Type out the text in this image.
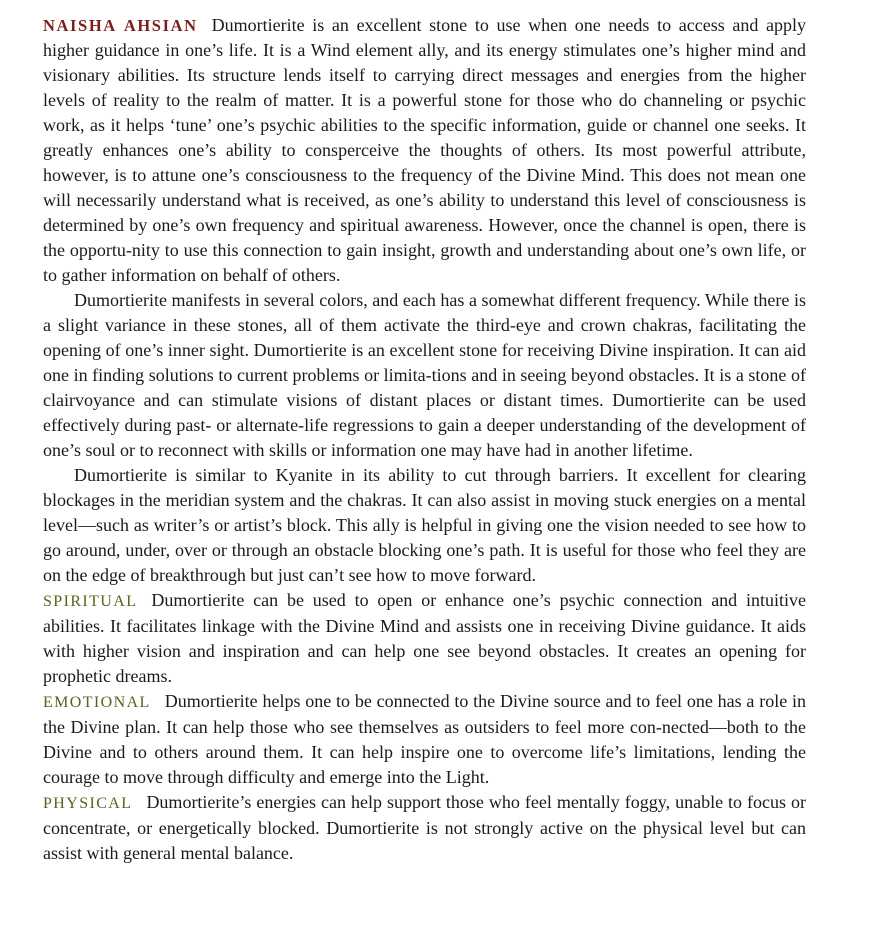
NAISHA AHSIAN Dumortierite is an excellent stone to use when one needs to access and apply higher guidance in one’s life. It is a Wind element ally, and its energy stimulates one’s higher mind and visionary abilities. Its structure lends itself to carrying direct messages and energies from the higher levels of reality to the realm of matter. It is a powerful stone for those who do channeling or psychic work, as it helps ‘tune’ one’s psychic abilities to the specific information, guide or channel one seeks. It greatly enhances one’s ability to consperceive the thoughts of others. Its most powerful attribute, however, is to attune one’s consciousness to the frequency of the Divine Mind. This does not mean one will necessarily understand what is received, as one’s ability to understand this level of consciousness is determined by one’s own frequency and spiritual awareness. However, once the channel is open, there is the opportu-nity to use this connection to gain insight, growth and understanding about one’s own life, or to gather information on behalf of others.

Dumortierite manifests in several colors, and each has a somewhat different frequency. While there is a slight variance in these stones, all of them activate the third-eye and crown chakras, facilitating the opening of one’s inner sight. Dumortierite is an excellent stone for receiving Divine inspiration. It can aid one in finding solutions to current problems or limita-tions and in seeing beyond obstacles. It is a stone of clairvoyance and can stimulate visions of distant places or distant times. Dumortierite can be used effectively during past- or alternate-life regressions to gain a deeper understanding of the development of one’s soul or to reconnect with skills or information one may have had in another lifetime.

Dumortierite is similar to Kyanite in its ability to cut through barriers. It excellent for clearing blockages in the meridian system and the chakras. It can also assist in moving stuck energies on a mental level—such as writer’s or artist’s block. This ally is helpful in giving one the vision needed to see how to go around, under, over or through an obstacle blocking one’s path. It is useful for those who feel they are on the edge of breakthrough but just can’t see how to move forward.

SPIRITUAL Dumortierite can be used to open or enhance one’s psychic connection and intuitive abilities. It facilitates linkage with the Divine Mind and assists one in receiving Divine guidance. It aids with higher vision and inspiration and can help one see beyond obstacles. It creates an opening for prophetic dreams.

EMOTIONAL Dumortierite helps one to be connected to the Divine source and to feel one has a role in the Divine plan. It can help those who see themselves as outsiders to feel more con-nected—both to the Divine and to others around them. It can help inspire one to overcome life’s limitations, lending the courage to move through difficulty and emerge into the Light.

PHYSICAL Dumortierite’s energies can help support those who feel mentally foggy, unable to focus or concentrate, or energetically blocked. Dumortierite is not strongly active on the physical level but can assist with general mental balance.
